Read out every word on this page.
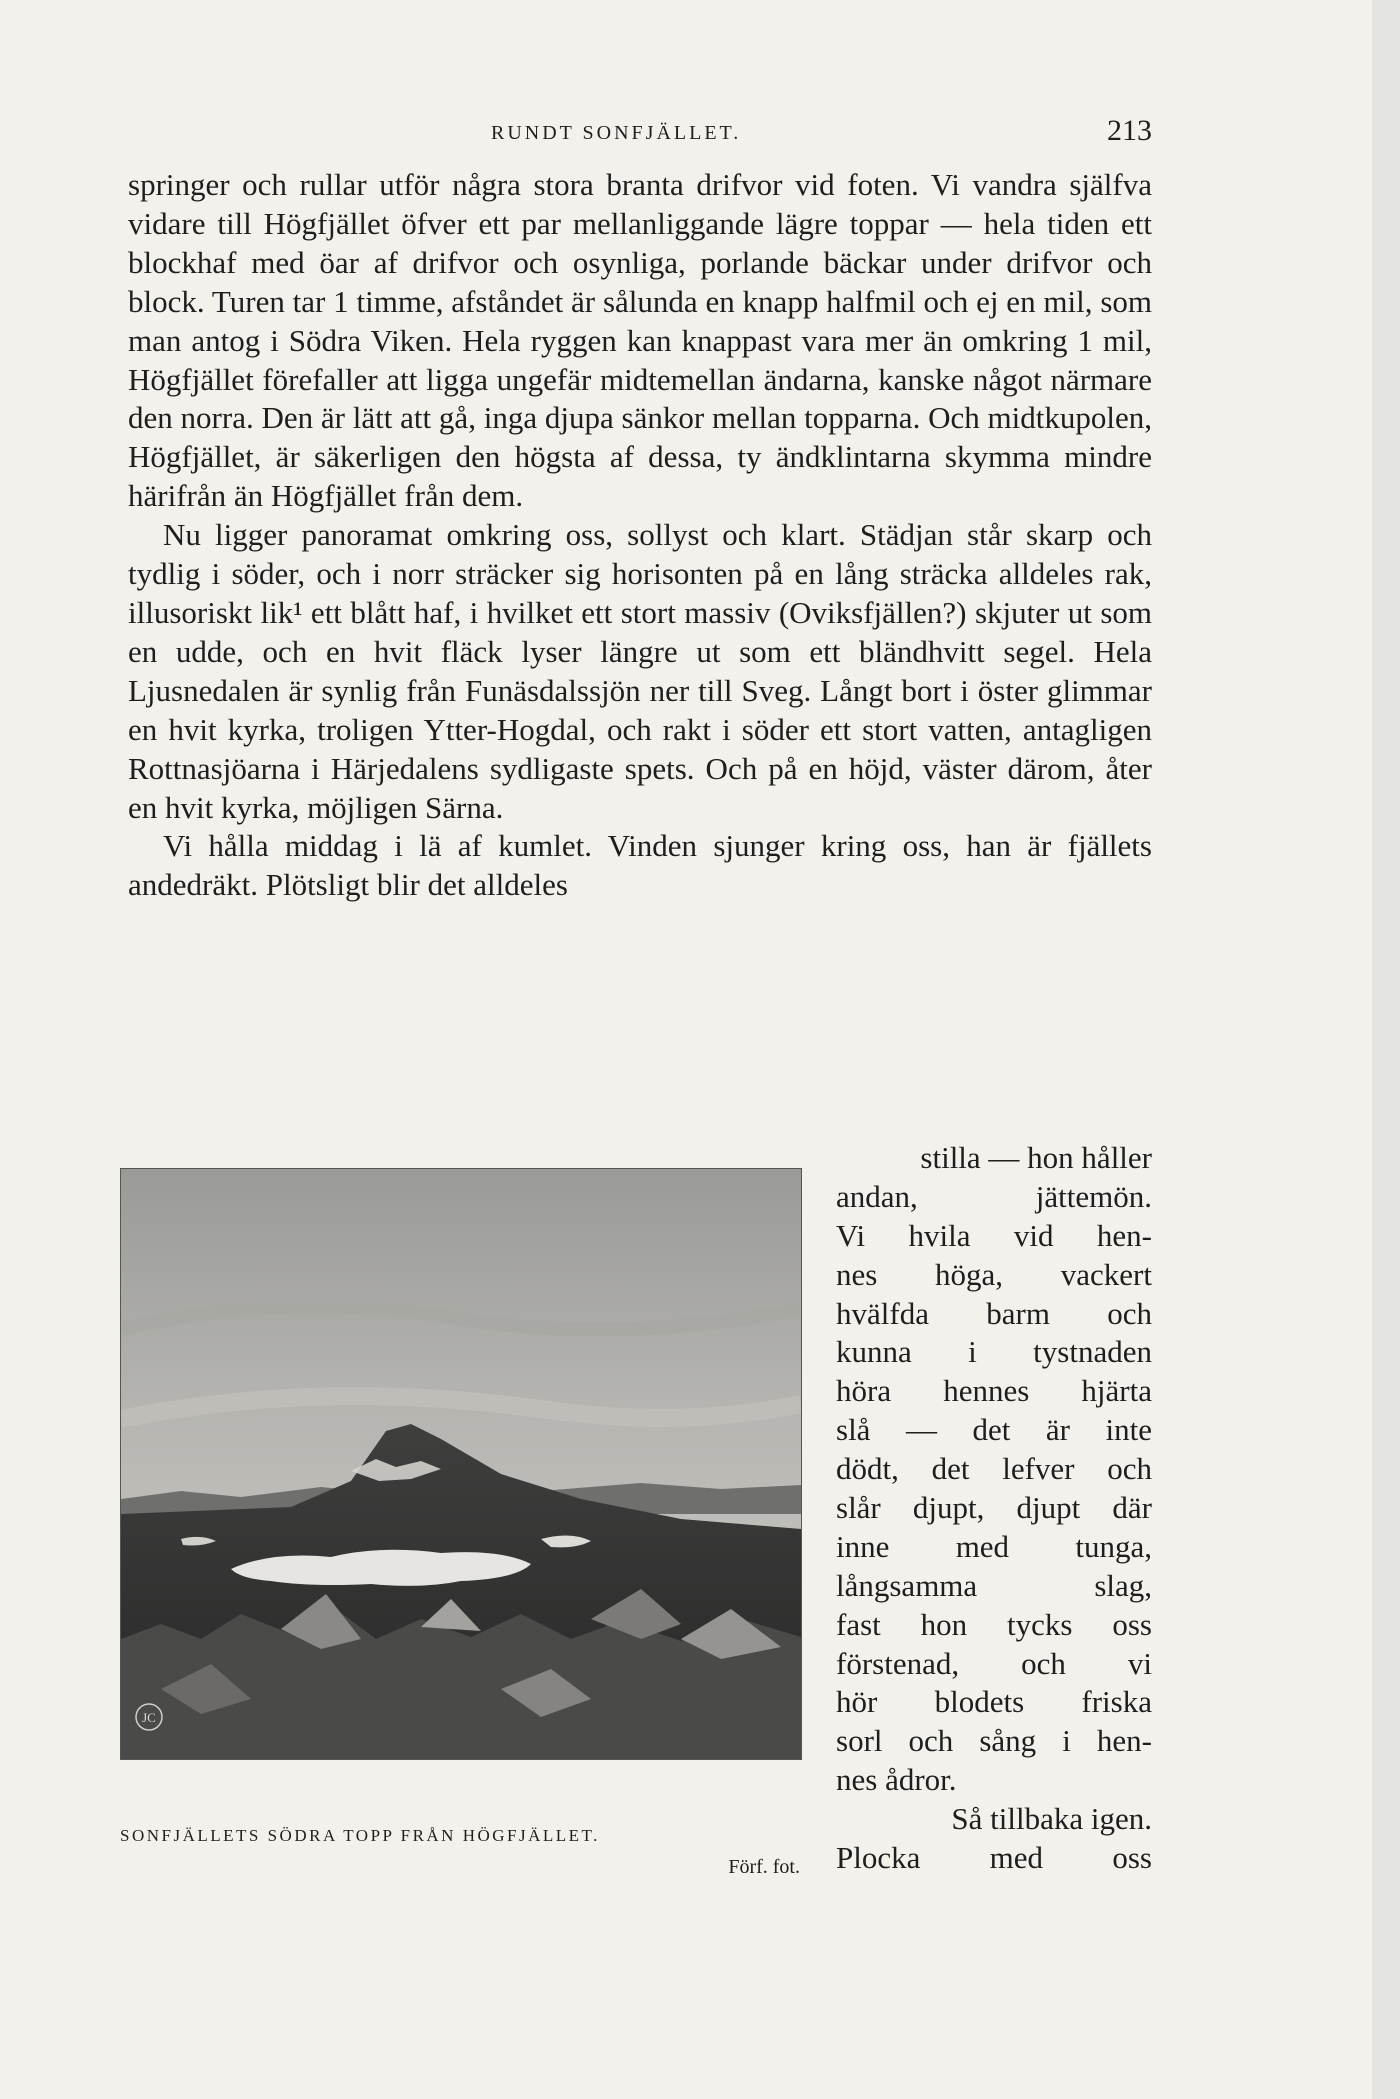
RUNDT SONFJÄLLET.	213

springer och rullar utför några stora branta drifvor vid foten. Vi vandra själfva vidare till Högfjället öfver ett par mellanliggande lägre toppar — hela tiden ett blockhaf med öar af drifvor och osynliga, porlande bäckar under drifvor och block. Turen tar 1 timme, afståndet är sålunda en knapp halfmil och ej en mil, som man antog i Södra Viken. Hela ryggen kan knappast vara mer än omkring 1 mil, Högfjället förefaller att ligga ungefär midtemellan ändarna, kanske något närmare den norra. Den är lätt att gå, inga djupa sänkor mellan topparna. Och midtkupolen, Högfjället, är säkerligen den högsta af dessa, ty ändklintarna skymma mindre härifrån än Högfjället från dem.

Nu ligger panoramat omkring oss, sollyst och klart. Städjan står skarp och tydlig i söder, och i norr sträcker sig horisonten på en lång sträcka alldeles rak, illusoriskt lik¹ ett blått haf, i hvilket ett stort massiv (Oviksfjällen?) skjuter ut som en udde, och en hvit fläck lyser längre ut som ett bländhvitt segel. Hela Ljusnedalen är synlig från Funäsdalssjön ner till Sveg. Långt bort i öster glimmar en hvit kyrka, troligen Ytter-Hogdal, och rakt i söder ett stort vatten, antagligen Rottnasjöarna i Härjedalens sydligaste spets. Och på en höjd, väster därom, åter en hvit kyrka, möjligen Särna.

Vi hålla middag i lä af kumlet. Vinden sjunger kring oss, han är fjällets andedräkt. Plötsligt blir det alldeles

JC
SONFJÄLLETS SÖDRA TOPP FRÅN HÖGFJÄLLET.
Förf. fot.
stilla — hon håller
andan,	jättemön.
Vi hvila vid hen-
nes höga, vackert
hvälfda barm och
kunna i tystnaden
höra hennes hjärta
slå — det är inte
dödt, det lefver och
slår djupt, djupt där
inne med tunga,
långsamma	slag,
fast hon tycks oss
förstenad, och vi
hör blodets friska
sorl och sång i hen-
nes ådror.
Så tillbaka igen.
Plocka med oss
